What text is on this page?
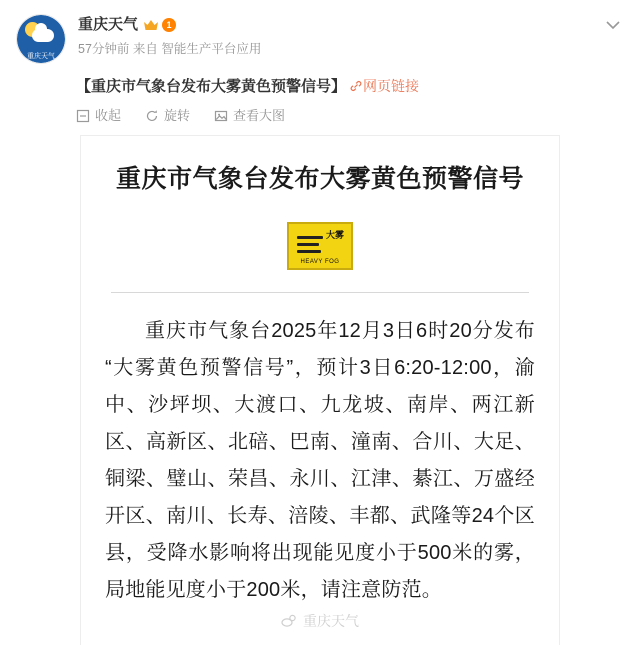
重庆天气
重庆天气	1
57分钟前 来自 智能生产平台应用
【重庆市气象台发布大雾黄色预警信号】 网页链接
收起	旋转	查看大图
重庆市气象台发布大雾黄色预警信号
大雾
HEAVY FOG
重庆市气象台2025年12月3日6时20分发布“大雾黄色预警信号”，预计3日6:20-12:00，渝中、沙坪坝、大渡口、九龙坡、南岸、两江新区、高新区、北碚、巴南、潼南、合川、大足、铜梁、璧山、荣昌、永川、江津、綦江、万盛经开区、南川、长寿、涪陵、丰都、武隆等24个区县，受降水影响将出现能见度小于500米的雾，局地能见度小于200米，请注意防范。
重庆天气
